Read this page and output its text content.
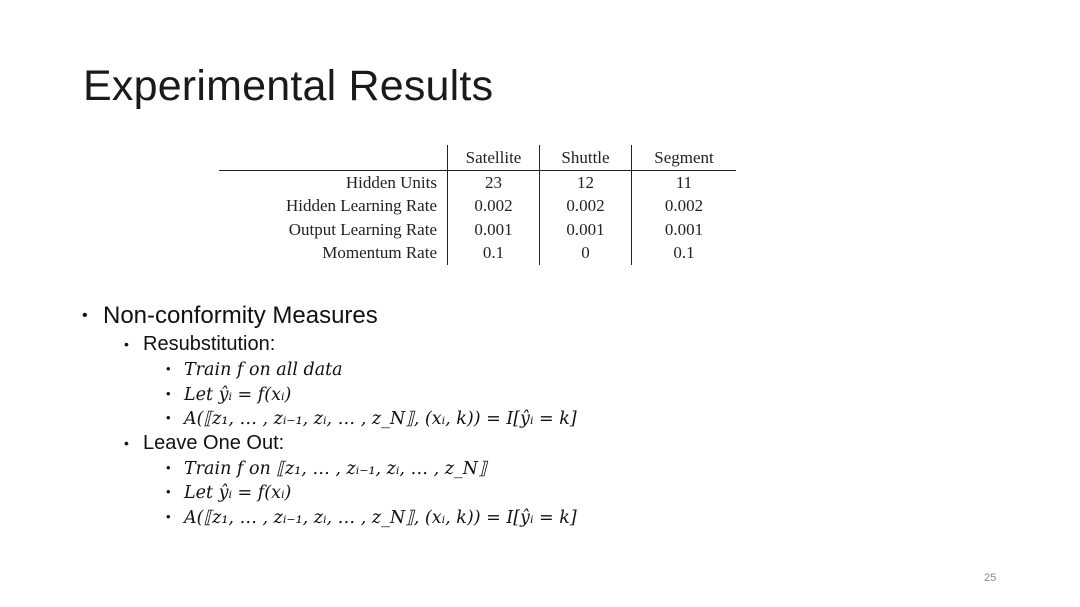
Experimental Results
	Satellite	Shuttle	Segment
Hidden Units	23	12	11
Hidden Learning Rate	0.002	0.002	0.002
Output Learning Rate	0.001	0.001	0.001
Momentum Rate	0.1	0	0.1
• Non-conformity Measures
• Resubstitution:
• Train f on all data
• Let ŷᵢ = f(xᵢ)
• A(⟦z₁, … , zᵢ₋₁, zᵢ, … , z_N⟧, (xᵢ, k)) = I[ŷᵢ = k]
• Leave One Out:
• Train f on ⟦z₁, … , zᵢ₋₁, zᵢ, … , z_N⟧
• Let ŷᵢ = f(xᵢ)
• A(⟦z₁, … , zᵢ₋₁, zᵢ, … , z_N⟧, (xᵢ, k)) = I[ŷᵢ = k]
25
